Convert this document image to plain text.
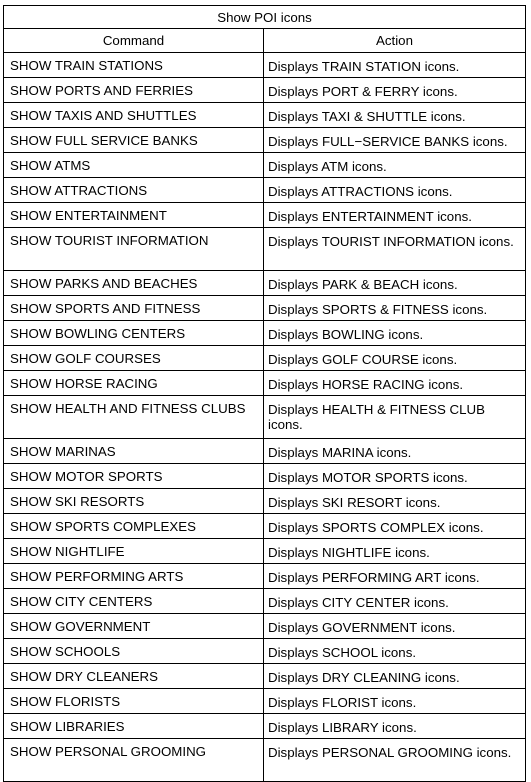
Show POI icons	
Command	Action
SHOW TRAIN STATIONS	Displays TRAIN STATION icons.
SHOW PORTS AND FERRIES	Displays PORT & FERRY icons.
SHOW TAXIS AND SHUTTLES	Displays TAXI & SHUTTLE icons.
SHOW FULL SERVICE BANKS	Displays FULL−SERVICE BANKS icons.
SHOW ATMS	Displays ATM icons.
SHOW ATTRACTIONS	Displays ATTRACTIONS icons.
SHOW ENTERTAINMENT	Displays ENTERTAINMENT icons.
SHOW TOURIST INFORMATION	Displays TOURIST INFORMATION icons.
SHOW PARKS AND BEACHES	Displays PARK & BEACH icons.
SHOW SPORTS AND FITNESS	Displays SPORTS & FITNESS icons.
SHOW BOWLING CENTERS	Displays BOWLING icons.
SHOW GOLF COURSES	Displays GOLF COURSE icons.
SHOW HORSE RACING	Displays HORSE RACING icons.
SHOW HEALTH AND FITNESS CLUBS	Displays HEALTH & FITNESS CLUB icons.
SHOW MARINAS	Displays MARINA icons.
SHOW MOTOR SPORTS	Displays MOTOR SPORTS icons.
SHOW SKI RESORTS	Displays SKI RESORT icons.
SHOW SPORTS COMPLEXES	Displays SPORTS COMPLEX icons.
SHOW NIGHTLIFE	Displays NIGHTLIFE icons.
SHOW PERFORMING ARTS	Displays PERFORMING ART icons.
SHOW CITY CENTERS	Displays CITY CENTER icons.
SHOW GOVERNMENT	Displays GOVERNMENT icons.
SHOW SCHOOLS	Displays SCHOOL icons.
SHOW DRY CLEANERS	Displays DRY CLEANING icons.
SHOW FLORISTS	Displays FLORIST icons.
SHOW LIBRARIES	Displays LIBRARY icons.
SHOW PERSONAL GROOMING	Displays PERSONAL GROOMING icons.
